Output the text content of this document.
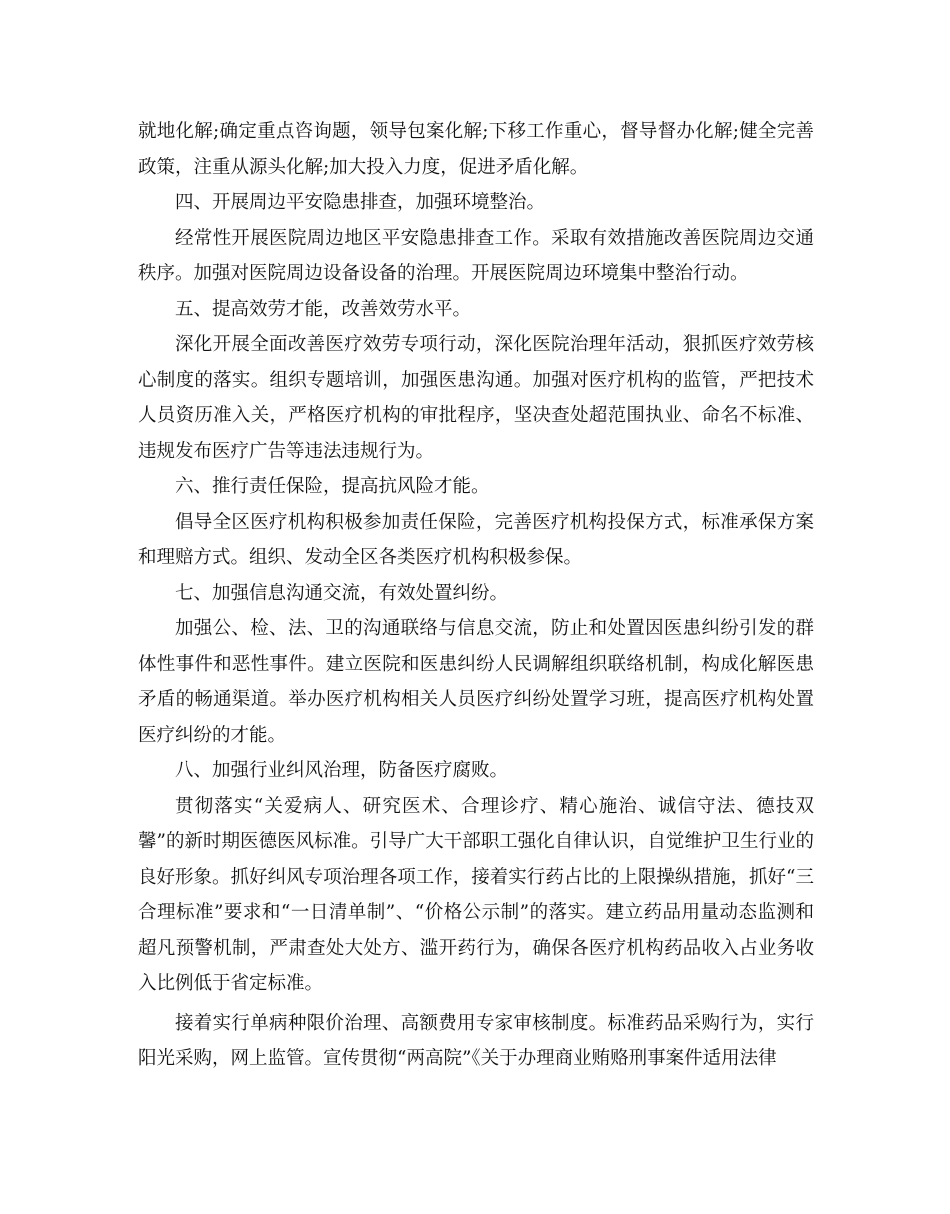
就地化解;确定重点咨询题，领导包案化解;下移工作重心，督导督办化解;健全完善政策，注重从源头化解;加大投入力度，促进矛盾化解。

四、开展周边平安隐患排查，加强环境整治。

经常性开展医院周边地区平安隐患排查工作。采取有效措施改善医院周边交通秩序。加强对医院周边设备设备的治理。开展医院周边环境集中整治行动。

五、提高效劳才能，改善效劳水平。

深化开展全面改善医疗效劳专项行动，深化医院治理年活动，狠抓医疗效劳核心制度的落实。组织专题培训，加强医患沟通。加强对医疗机构的监管，严把技术人员资历准入关，严格医疗机构的审批程序，坚决查处超范围执业、命名不标准、违规发布医疗广告等违法违规行为。

六、推行责任保险，提高抗风险才能。

倡导全区医疗机构积极参加责任保险，完善医疗机构投保方式，标准承保方案和理赔方式。组织、发动全区各类医疗机构积极参保。

七、加强信息沟通交流，有效处置纠纷。

加强公、检、法、卫的沟通联络与信息交流，防止和处置因医患纠纷引发的群体性事件和恶性事件。建立医院和医患纠纷人民调解组织联络机制，构成化解医患矛盾的畅通渠道。举办医疗机构相关人员医疗纠纷处置学习班，提高医疗机构处置医疗纠纷的才能。

八、加强行业纠风治理，防备医疗腐败。

贯彻落实“关爱病人、研究医术、合理诊疗、精心施治、诚信守法、德技双馨”的新时期医德医风标准。引导广大干部职工强化自律认识，自觉维护卫生行业的良好形象。抓好纠风专项治理各项工作，接着实行药占比的上限操纵措施，抓好“三合理标准”要求和“一日清单制”、“价格公示制”的落实。建立药品用量动态监测和超凡预警机制，严肃查处大处方、滥开药行为，确保各医疗机构药品收入占业务收入比例低于省定标准。

接着实行单病种限价治理、高额费用专家审核制度。标准药品采购行为，实行阳光采购，网上监管。宣传贯彻“两高院”《关于办理商业贿赂刑事案件适用法律
